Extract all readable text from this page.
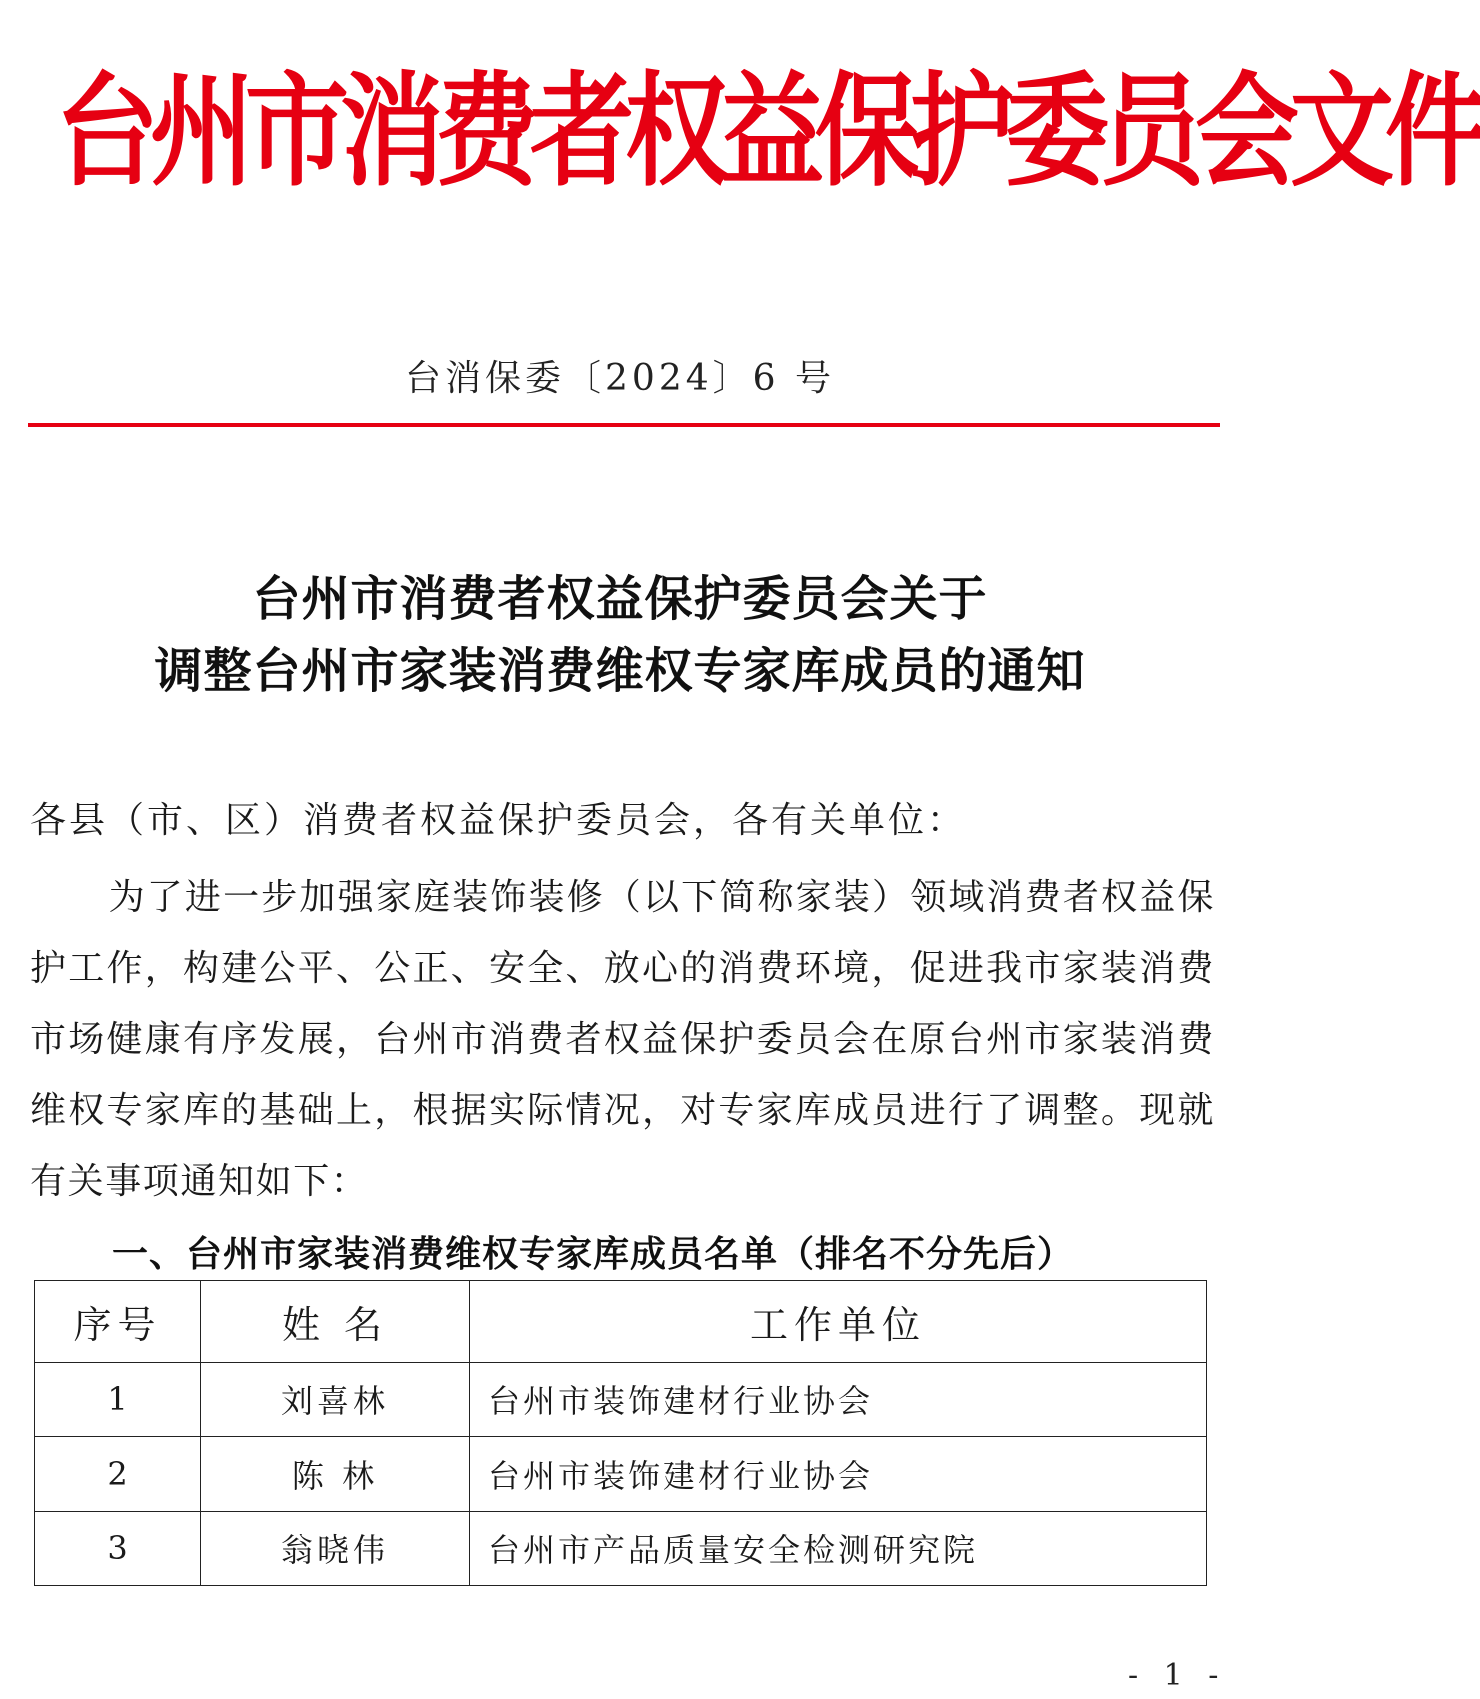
台州市消费者权益保护委员会文件
台消保委〔2024〕6 号
台州市消费者权益保护委员会关于
调整台州市家装消费维权专家库成员的通知
各县（市、区）消费者权益保护委员会，各有关单位：
为了进一步加强家庭装饰装修（以下简称家装）领域消费者权益保护工作，构建公平、公正、安全、放心的消费环境，促进我市家装消费市场健康有序发展，台州市消费者权益保护委员会在原台州市家装消费维权专家库的基础上，根据实际情况，对专家库成员进行了调整。现就有关事项通知如下：
一、台州市家装消费维权专家库成员名单（排名不分先后）
序号	姓 名	工作单位
1	刘喜林	台州市装饰建材行业协会
2	陈 林	台州市装饰建材行业协会
3	翁晓伟	台州市产品质量安全检测研究院
- 1 -
